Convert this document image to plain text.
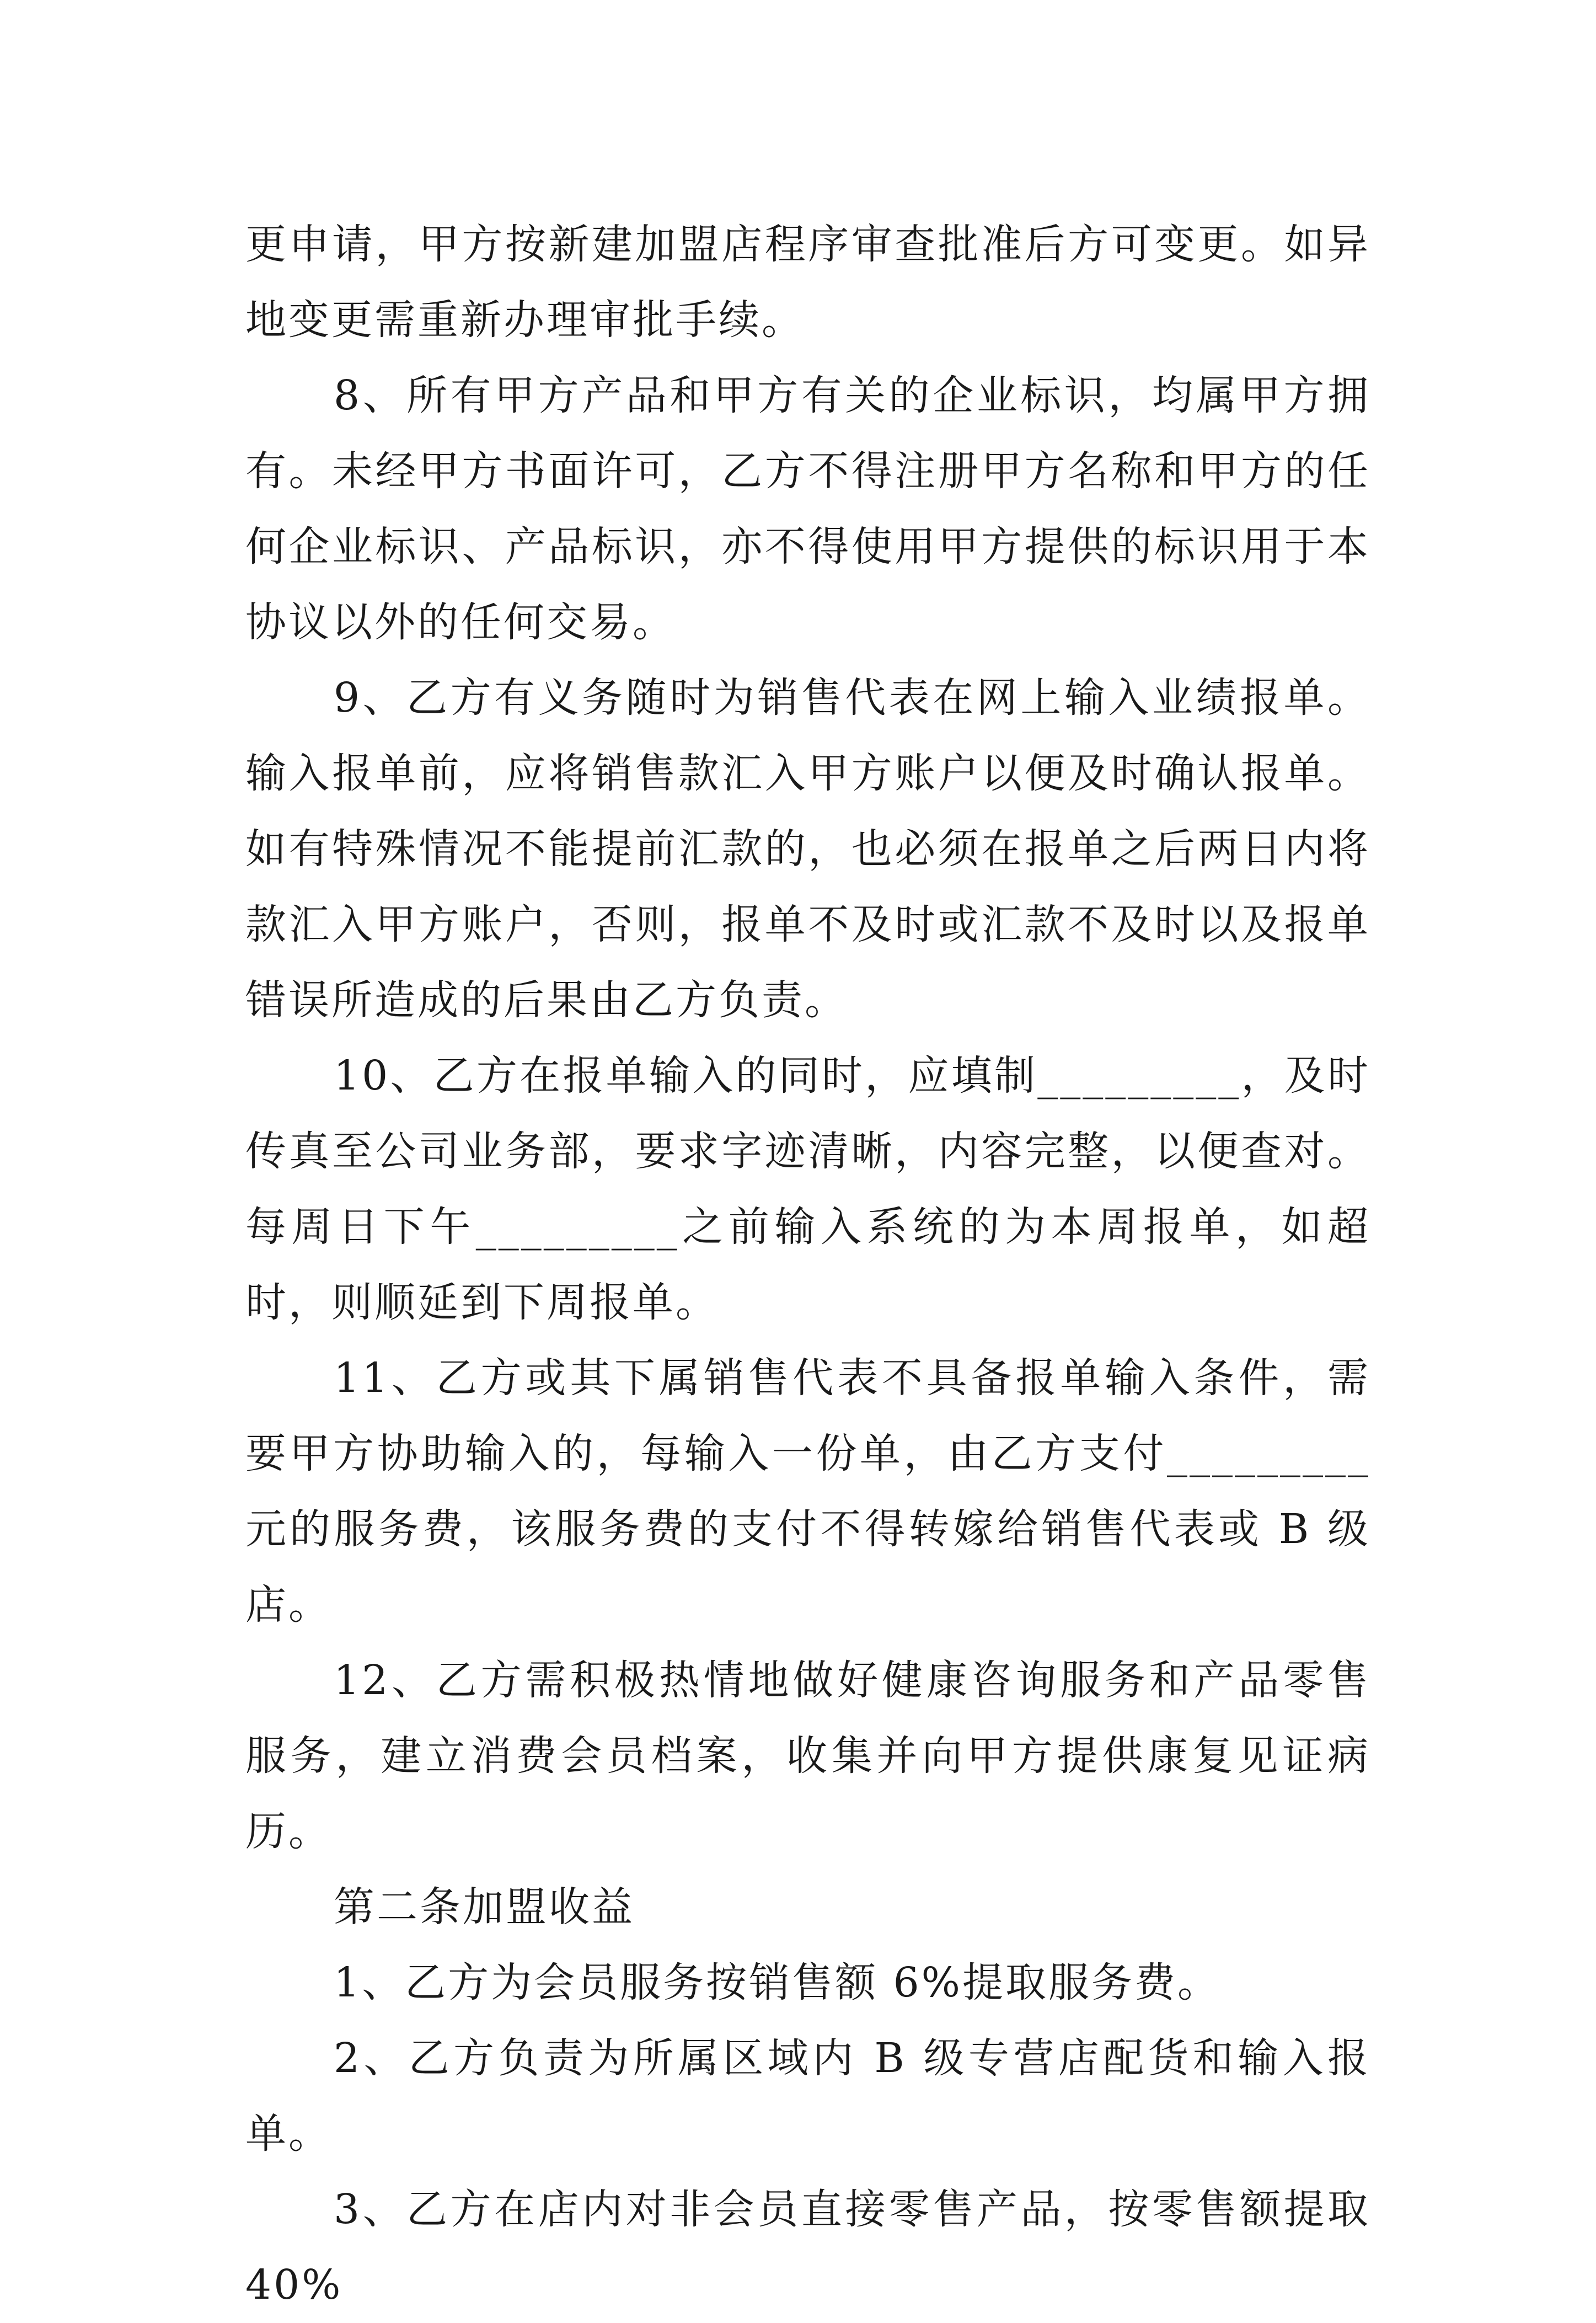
更申请，甲方按新建加盟店程序审查批准后方可变更。如异地变更需重新办理审批手续。

8、所有甲方产品和甲方有关的企业标识，均属甲方拥有。未经甲方书面许可，乙方不得注册甲方名称和甲方的任何企业标识、产品标识，亦不得使用甲方提供的标识用于本协议以外的任何交易。

9、乙方有义务随时为销售代表在网上输入业绩报单。输入报单前，应将销售款汇入甲方账户以便及时确认报单。如有特殊情况不能提前汇款的，也必须在报单之后两日内将款汇入甲方账户，否则，报单不及时或汇款不及时以及报单错误所造成的后果由乙方负责。

10、乙方在报单输入的同时，应填制_________，及时传真至公司业务部，要求字迹清晰，内容完整，以便查对。每周日下午_________之前输入系统的为本周报单，如超时，则顺延到下周报单。

11、乙方或其下属销售代表不具备报单输入条件，需要甲方协助输入的，每输入一份单，由乙方支付_________元的服务费，该服务费的支付不得转嫁给销售代表或 B 级店。

12、乙方需积极热情地做好健康咨询服务和产品零售服务，建立消费会员档案，收集并向甲方提供康复见证病历。

第二条加盟收益

1、乙方为会员服务按销售额 6%提取服务费。

2、乙方负责为所属区域内 B 级专营店配货和输入报单。

3、乙方在店内对非会员直接零售产品，按零售额提取 40%
